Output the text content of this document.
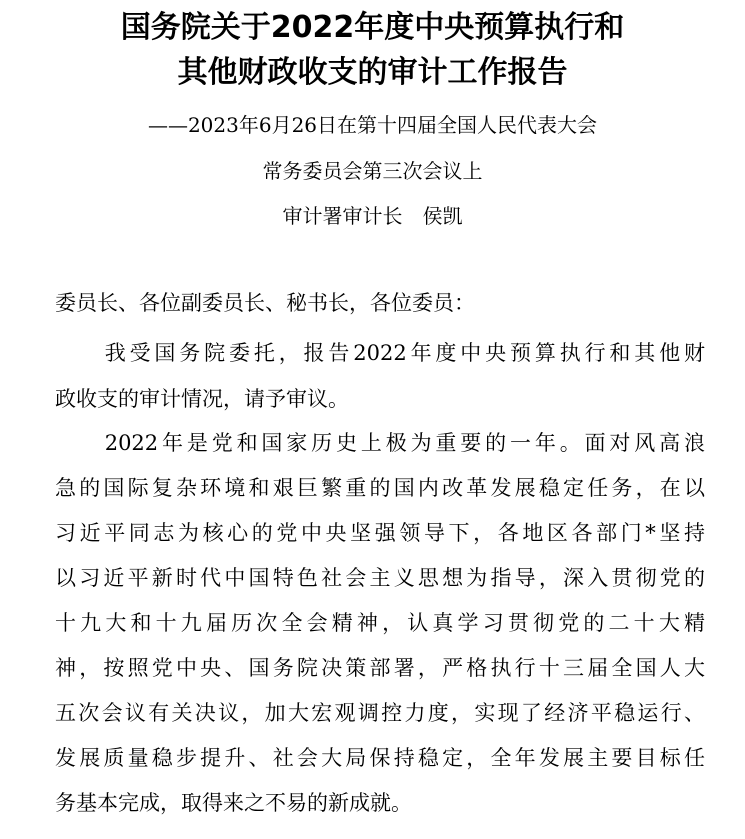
国务院关于2022年度中央预算执行和
其他财政收支的审计工作报告
——2023年6月26日在第十四届全国人民代表大会
常务委员会第三次会议上
审计署审计长　侯凯
委员长、各位副委员长、秘书长，各位委员：
　　我受国务院委托，报告2022年度中央预算执行和其他财
政收支的审计情况，请予审议。
　　2022年是党和国家历史上极为重要的一年。面对风高浪
急的国际复杂环境和艰巨繁重的国内改革发展稳定任务，在以
习近平同志为核心的党中央坚强领导下，各地区各部门*坚持
以习近平新时代中国特色社会主义思想为指导，深入贯彻党的
十九大和十九届历次全会精神，认真学习贯彻党的二十大精
神，按照党中央、国务院决策部署，严格执行十三届全国人大
五次会议有关决议，加大宏观调控力度，实现了经济平稳运行、
发展质量稳步提升、社会大局保持稳定，全年发展主要目标任
务基本完成，取得来之不易的新成就。
